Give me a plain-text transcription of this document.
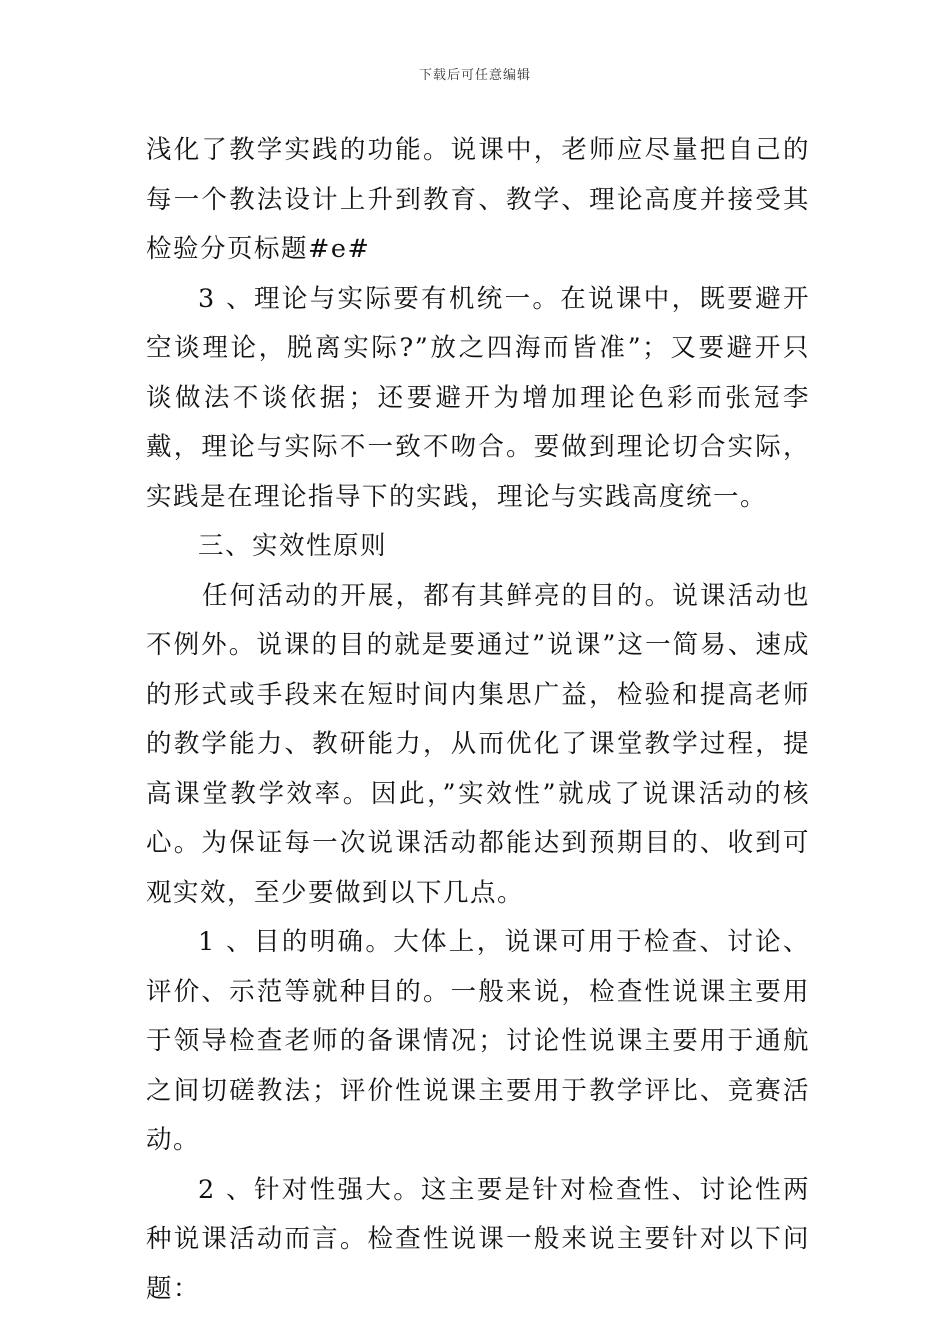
下载后可任意编辑

浅化了教学实践的功能。说课中，老师应尽量把自己的每一个教法设计上升到教育、教学、理论高度并接受其检验分页标题#e#

3 、理论与实际要有机统一。在说课中，既要避开空谈理论，脱离实际?”放之四海而皆准”；又要避开只谈做法不谈依据；还要避开为增加理论色彩而张冠李戴，理论与实际不一致不吻合。要做到理论切合实际，实践是在理论指导下的实践，理论与实践高度统一。

三、实效性原则

任何活动的开展，都有其鲜亮的目的。说课活动也不例外。说课的目的就是要通过”说课”这一简易、速成的形式或手段来在短时间内集思广益，检验和提高老师的教学能力、教研能力，从而优化了课堂教学过程，提高课堂教学效率。因此，”实效性”就成了说课活动的核心。为保证每一次说课活动都能达到预期目的、收到可观实效，至少要做到以下几点。

1 、目的明确。大体上，说课可用于检查、讨论、评价、示范等就种目的。一般来说，检查性说课主要用于领导检查老师的备课情况；讨论性说课主要用于通航之间切磋教法；评价性说课主要用于教学评比、竞赛活动。

2 、针对性强大。这主要是针对检查性、讨论性两种说课活动而言。检查性说课一般来说主要针对以下问题：
